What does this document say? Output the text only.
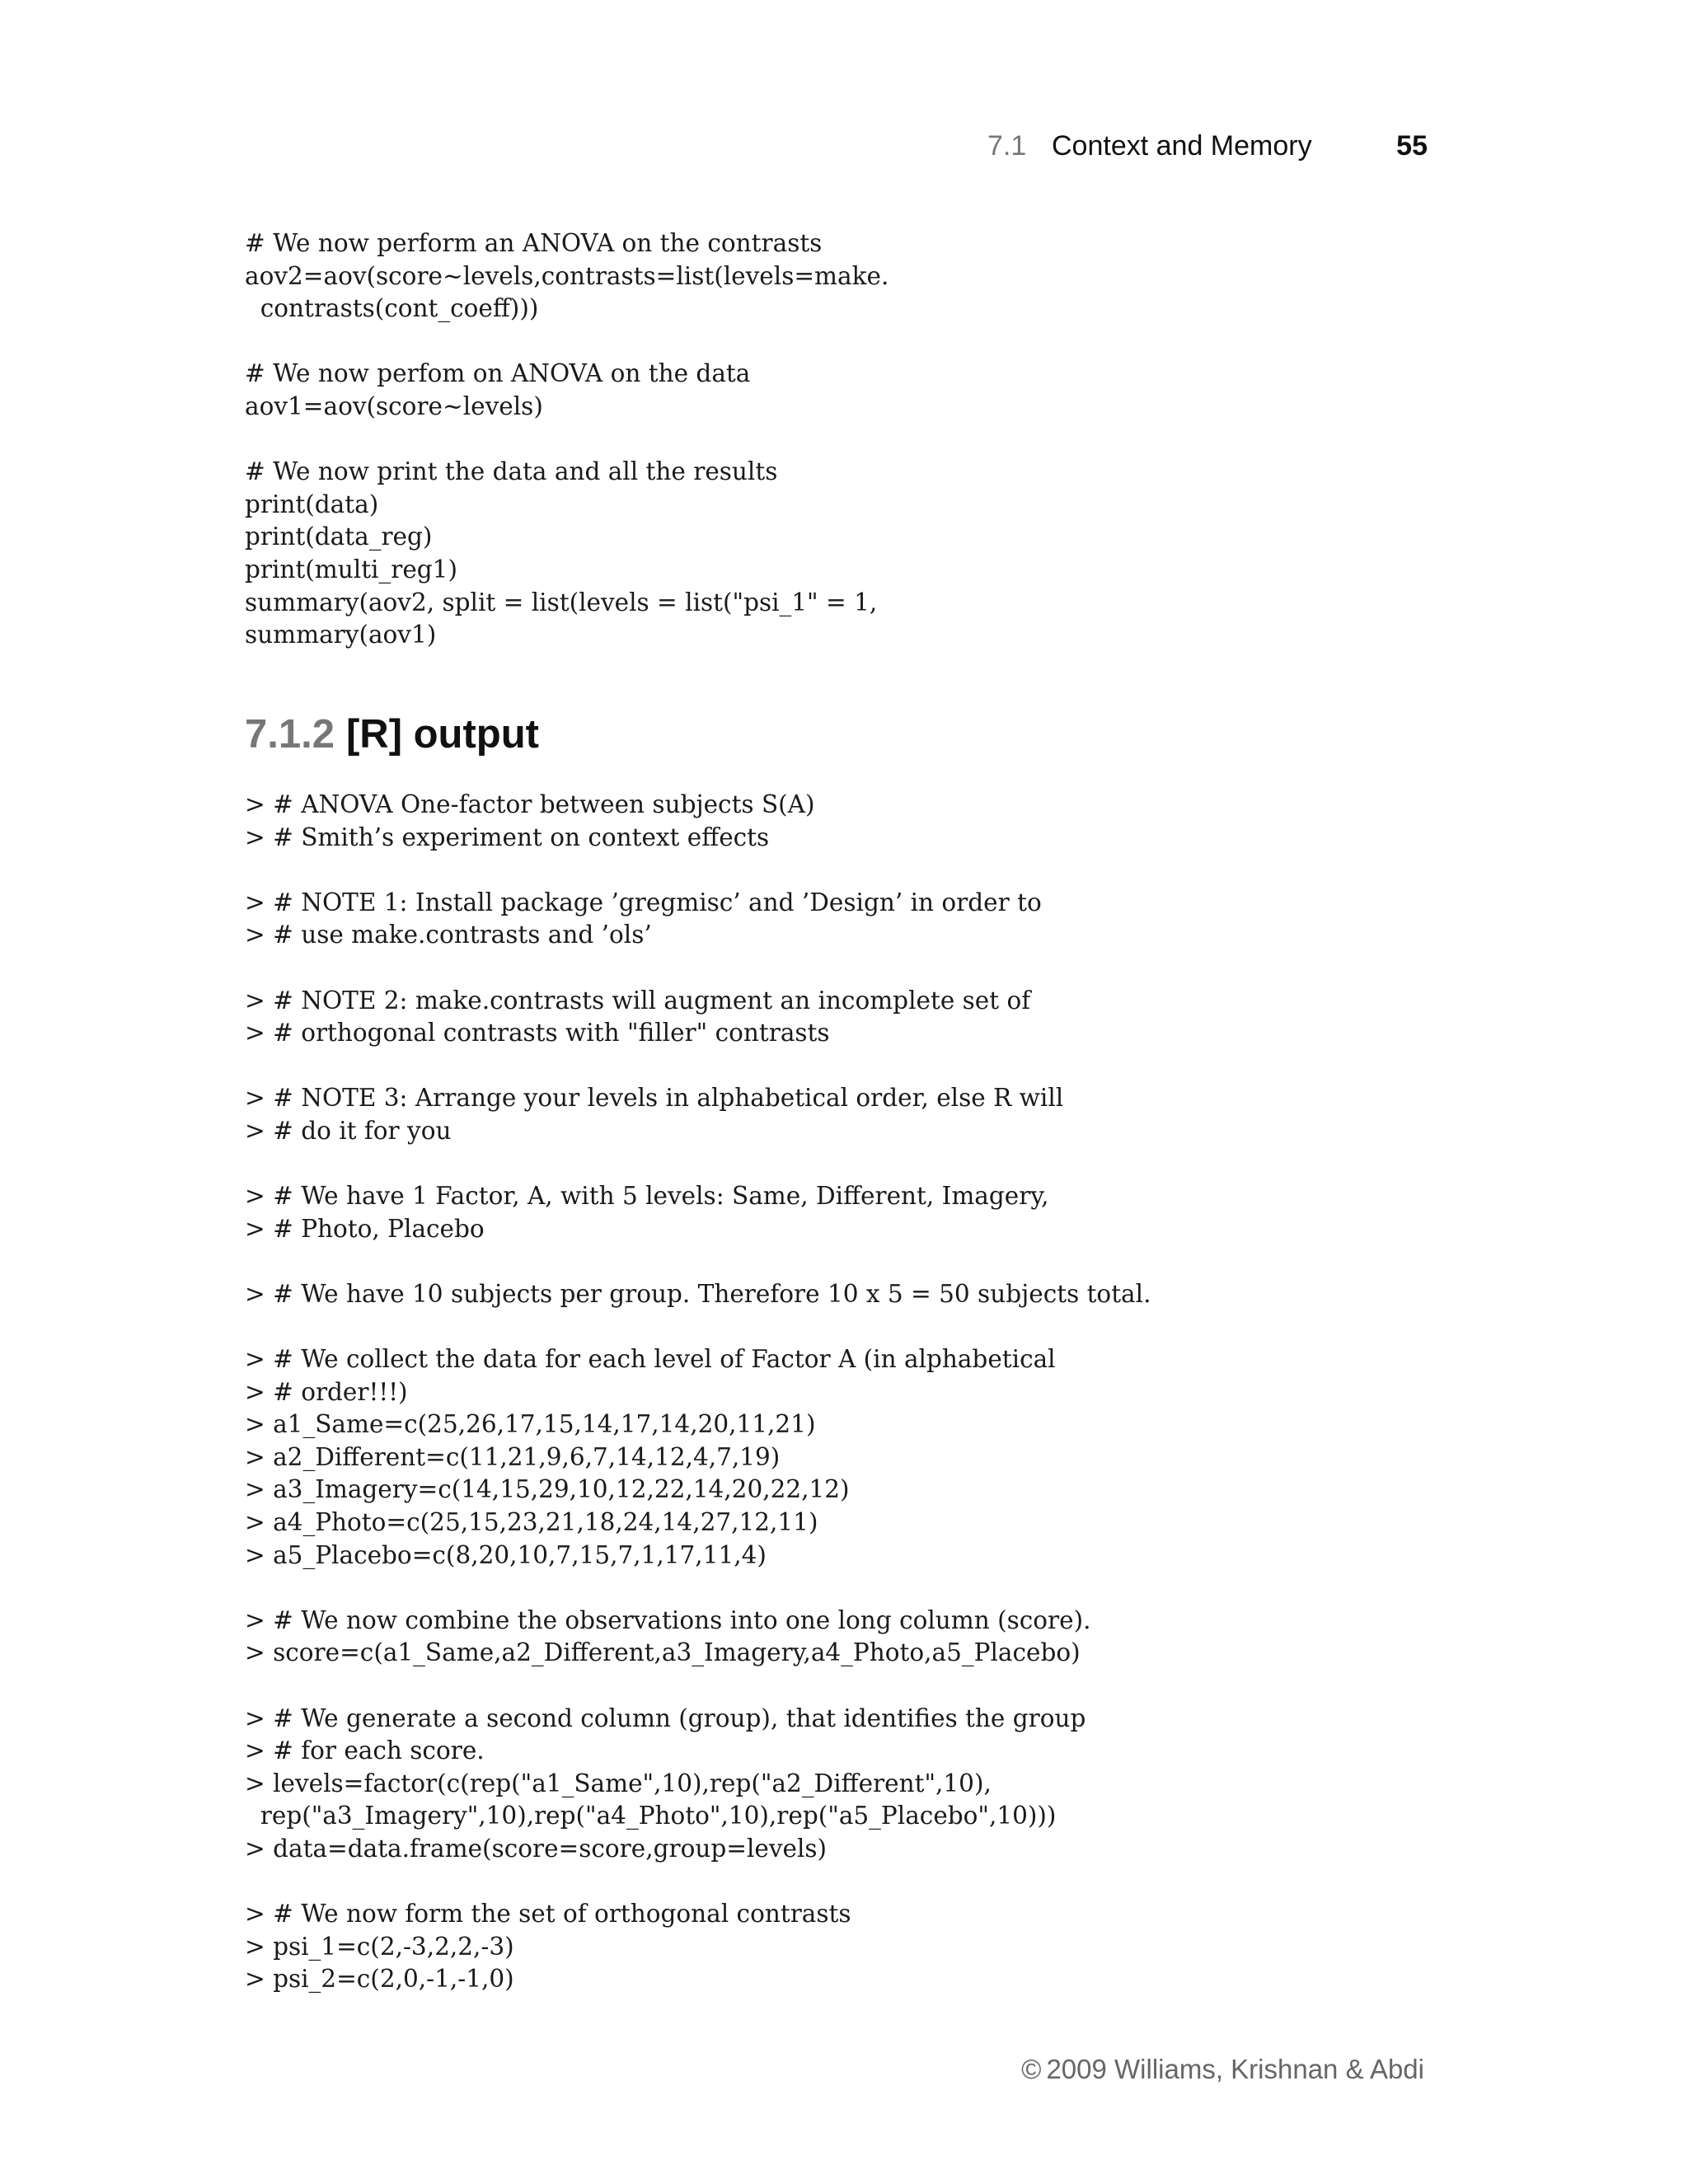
7.1 Context and Memory	55
# We now perform an ANOVA on the contrasts
aov2=aov(score~levels,contrasts=list(levels=make.
contrasts(cont_coeff)))

# We now perfom on ANOVA on the data
aov1=aov(score~levels)

# We now print the data and all the results
print(data)
print(data_reg)
print(multi_reg1)
summary(aov2, split = list(levels = list("psi_1" = 1,
summary(aov1)
7.1.2 [R] output
> # ANOVA One-factor between subjects S(A)
> # Smith’s experiment on context effects

> # NOTE 1: Install package ’gregmisc’ and ’Design’ in order to
> # use make.contrasts and ’ols’

> # NOTE 2: make.contrasts will augment an incomplete set of
> # orthogonal contrasts with "filler" contrasts

> # NOTE 3: Arrange your levels in alphabetical order, else R will
> # do it for you

> # We have 1 Factor, A, with 5 levels: Same, Different, Imagery,
> # Photo, Placebo

> # We have 10 subjects per group. Therefore 10 x 5 = 50 subjects total.

> # We collect the data for each level of Factor A (in alphabetical
> # order!!!)
> a1_Same=c(25,26,17,15,14,17,14,20,11,21)
> a2_Different=c(11,21,9,6,7,14,12,4,7,19)
> a3_Imagery=c(14,15,29,10,12,22,14,20,22,12)
> a4_Photo=c(25,15,23,21,18,24,14,27,12,11)
> a5_Placebo=c(8,20,10,7,15,7,1,17,11,4)

> # We now combine the observations into one long column (score).
> score=c(a1_Same,a2_Different,a3_Imagery,a4_Photo,a5_Placebo)

> # We generate a second column (group), that identifies the group
> # for each score.
> levels=factor(c(rep("a1_Same",10),rep("a2_Different",10),
rep("a3_Imagery",10),rep("a4_Photo",10),rep("a5_Placebo",10)))
> data=data.frame(score=score,group=levels)

> # We now form the set of orthogonal contrasts
> psi_1=c(2,-3,2,2,-3)
> psi_2=c(2,0,-1,-1,0)
© 2009 Williams, Krishnan & Abdi
